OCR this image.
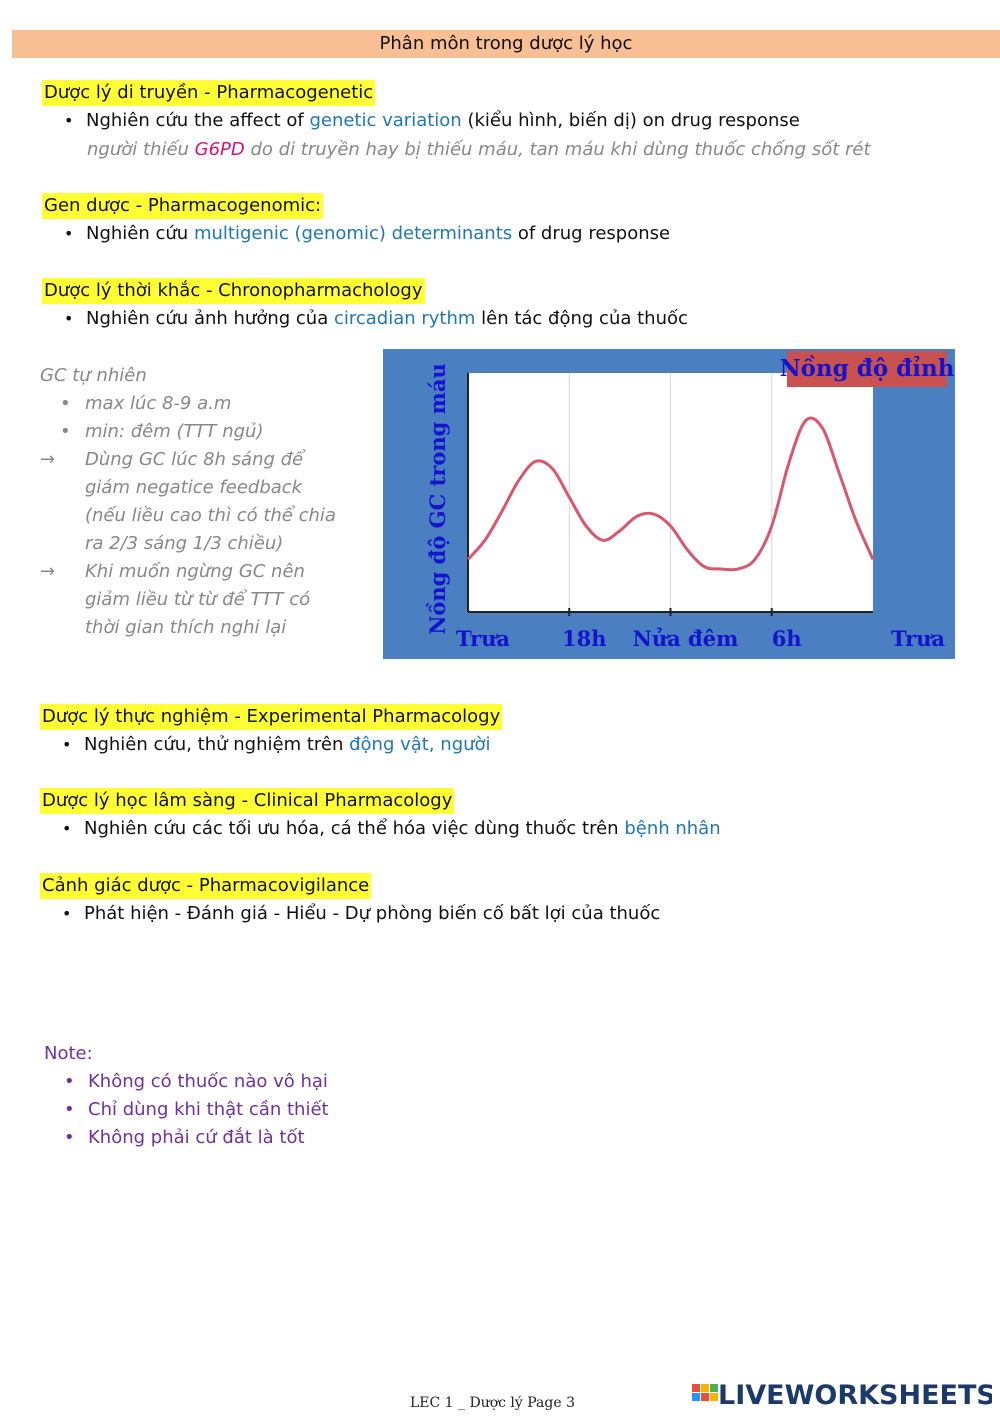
Phân môn trong dược lý học
Dược lý di truyền - Pharmacogenetic
• Nghiên cứu the affect of genetic variation (kiểu hình, biến dị) on drug response
người thiếu G6PD do di truyền hay bị thiếu máu, tan máu khi dùng thuốc chống sốt rét
Gen dược - Pharmacogenomic:
• Nghiên cứu multigenic (genomic) determinants of drug response
Dược lý thời khắc - Chronopharmachology
• Nghiên cứu ảnh hưởng của circadian rythm lên tác động của thuốc
GC tự nhiên
• max lúc 8-9 a.m
• min: đêm (TTT ngủ)
→	Dùng GC lúc 8h sáng để
giám negatice feedback
(nếu liều cao thì có thể chia
ra 2/3 sáng 1/3 chiều)
→	Khi muốn ngừng GC nên
giảm liều từ từ để TTT có
thời gian thích nghi lại
Nồng độ đỉnh
Nồng độ GC trong máu
Trưa 18h Nửa đêm 6h	Trưa
Dược lý thực nghiệm - Experimental Pharmacology
• Nghiên cứu, thử nghiệm trên động vật, người
Dược lý học lâm sàng - Clinical Pharmacology
• Nghiên cứu các tối ưu hóa, cá thể hóa việc dùng thuốc trên bệnh nhân
Cảnh giác dược - Pharmacovigilance
• Phát hiện - Đánh giá - Hiểu - Dự phòng biến cố bất lợi của thuốc
Note:
• Không có thuốc nào vô hại
• Chỉ dùng khi thật cần thiết
• Không phải cứ đắt là tốt
LEC 1 _ Dược lý Page 3	LIVEWORKSHEETS
